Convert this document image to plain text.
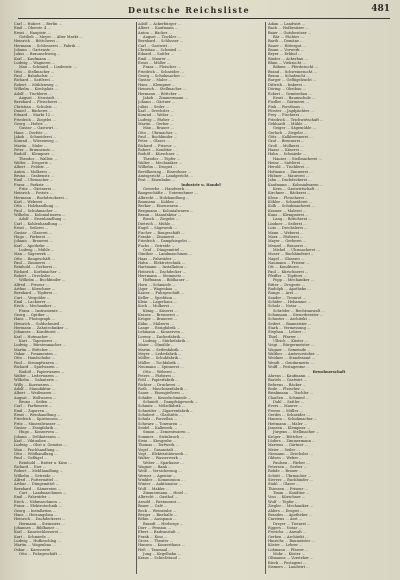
Deutsche Reichsliste	481
Carl ... Hubert ... Berlin ...
Emil ... Oberstr. 4 ...
Ernst ... Hauptstr. ...
Gottlieb ... Meyer ... Alter Markt ...
Heinrich ... Böttcherei ...
Hermann ... Schlosserei ... Fabrik ...
Johann ... Gartenstr. ...
Julius ... Braunschweig ...
Karl ... Kaufmann ...
Ludwig ... Wagnerei ...
Max ... Schmied ... Lindenstr. ...
Otto ... Stellmacher ...
Paul ... Bahnhofstr. ...
Richard ... Sattlerei ...
Robert ... Mühlenweg ...
Wilhelm ... Kirchplatz ...
Adolf ... Tischlerei ...
August ... Neustadt ...
Bernhard ... Fleischerei ...
Christian ... Schulstr. ...
Daniel ... Bäckerei ...
Eduard ... Markt 12 ...
Friedrich ... Ziegelei ...
Georg ... Hofstr. ...
Gustav ... Gastwirt ...
Hans ... Dorfstr. ...
Jakob ... Schneiderei ...
Konrad ... Wiesenweg ...
Martin ... Maler ...
Peter ... Brunnenstr. ...
Rudolf ... Klempner ...
Theodor ... Wallstr. ...
Walter ... Drogerie ...
Albert ... Feldstr. ...
Anton ... Molkerei ...
Bruno ... Grabenstr. ...
Emil ... Uhrmacher ...
Franz ... Parkstr. ...
Fritz ... Gärtnerei ...
Heinrich ... Poststr. ...
Hermann ... Buchdruckerei ...
Karl ... Weberei ...
Otto ... Holzhandlung ...
Paul ... Schuhmacher ...
Wilhelm ... Kolonialwaren ...
Adolf ... Eisenhandlung ...
Carl ... Kohlenhandlung ...
Ernst ... Seilerei ...
Gustav ... Glaserei ...
Hugo ... Färberei ...
Johann ... Brauerei ...
Karl ... Apotheke ...
Ludwig ... Mühle ...
Max ... Sägewerk ...
Otto ... Baugeschäft ...
Paul ... Zimmerei ...
Reinhold ... Gerberei ...
Richard ... Korbmacher ...
Robert ... Drechsler ...
Wilhelm ... Buchbinder ...
Alfred ... Friseur ...
Arthur ... Kürschner ...
Bernhard ... Töpferei ...
Curt ... Vergolder ...
Emil ... Lackierer ...
Erich ... Mechaniker ...
Franz ... Instrumente ...
Georg ... Optiker ...
Hans ... Photograph ...
Heinrich ... Goldschmied ...
Hermann ... Zahntechniker ...
Johannes ... Konditorei ...
Karl ... Hutmacher ...
Kurt ... Tapezierer ...
Ludwig ... Bürstenmacher ...
Martin ... Böttcher ...
Oskar ... Posamenten ...
Otto ... Handschuhe ...
Paul ... Strumpfwaren ...
Richard ... Spielwaren ...
Rudolf ... Papierwaren ...
Walter ... Lederwaren ...
Wilhelm ... Galanterie ...
Willy ... Kurzwaren ...
Adolf ... Manufaktur ...
Albert ... Weißwaren ...
August ... Wollwaren ...
Bruno ... Seifen ...
Carl ... Parfümerie ...
Emil ... Zigarren ...
Ernst ... Weinhandlung ...
Friedrich ... Spirituosen ...
Fritz ... Mineralwasser ...
Gustav ... Essigfabrik ...
Hugo ... Konserven ...
Johann ... Delikatessen ...
Karl ... Viktualien ...
Ludwig ... Obst u. Gemüse ...
Max ... Fischhandlung ...
Otto ... Wildhandlung ...
Paul ... Geflügel ...
Reinhold ... Butter u. Käse ...
Richard ... Eier ...
Robert ... Mehlhandlung ...
Wilhelm ... Getreide ...
Alfred ... Futtermittel ...
Arthur ... Düngemittel ...
Bernhard ... Sämereien ...
Curt ... Landmaschinen ...
Emil ... Fahrräder ...
Erich ... Nähmaschinen ...
Franz ... Elektrotechnik ...
Georg ... Installation ...
Hans ... Heizungsbau ...
Heinrich ... Dachdeckerei ...
Hermann ... Steinmetz ...
Johannes ... Bildhauer ...
Karl ... Kunstschlosserei ...
Kurt ... Schmiede ...
Ludwig ... Hufbeschlag ...
Martin ... Wagenbau ...
Oskar ... Karosserie ...
Otto ... Fuhrgeschäft ...
Adolf ... Ackerbürger ...
Albert ... Kaufmann ...
Anton ... Bäcker ...
August ... Tischler ...
Bernhard ... Schlosser ...
Carl ... Gastwirt ...
Christian ... Schmied ...
Eduard ... Sattler ...
Emil ... Maurer ...
Ernst ... Müller ...
Franz ... Fleischer ...
Friedrich ... Schneider ...
Georg ... Schuhmacher ...
Gustav ... Maler ...
Hans ... Klempner ...
Heinrich ... Stellmacher ...
Hermann ... Böttcher ...
Jakob ... Zimmermann ...
Johann ... Gärtner ...
Julius ... Seiler ...
Karl ... Drechsler ...
Konrad ... Weber ...
Ludwig ... Färber ...
Martin ... Gerber ...
Max ... Brauer ...
Otto ... Uhrmacher ...
Paul ... Buchbinder ...
Peter ... Glaser ...
Richard ... Friseur ...
Robert ... Konditor ...
Rudolf ... Kürschner ...
Theodor ... Töpfer ...
Walter ... Mechaniker ...
Wilhelm ... Drogist ...
Bevölkerung ... Einwohner ...
Amtsgericht ... Landgericht ...
Post ... Eisenbahn ...
Industrie u. Handel
Gewerbe ... Handwerk ...
Baugeschäfte ... Unternehmer ...
Albrecht ... Holzhandlung ...
Baumann ... Kohlen ...
Becker ... Eisenwaren ...
Bergmann ... Kolonialwaren ...
Braun ... Manufaktur ...
Busch ... Ziegelei ...
Dietrich ... Mühle ...
Engel ... Sägewerk ...
Fischer ... Baugeschäft ...
Franke ... Zimmerei ...
Friedrich ... Dampfziegelei ...
Fuchs ... Getreide ...
Graf ... Düngemittel ...
Günther ... Landmaschinen ...
Haas ... Fahrräder ...
Hahn ... Elektrotechnik ...
Hartmann ... Installation ...
Heinrich ... Dachdecker ...
Herrmann ... Steinmetz ...
Hoffmann ... Bildhauer ...
Horn ... Schmiede ...
Jäger ... Wagenbau ...
Kaiser ... Fuhrgeschäft ...
Keller ... Spedition ...
Klein ... Lagerhaus ...
Koch ... Molkerei ...
König ... Käserei ...
Krause ... Brennerei ...
Krüger ... Brauerei ...
Kühn ... Mälzerei ...
Lange ... Essigfabrik ...
Lehmann ... Konserven ...
Lorenz ... Zuckerfabrik ...
Ludwig ... Stärkefabrik ...
Maier ... Ölmühle ...
Martin ... Seifenfabrik ...
Meyer ... Lederfabrik ...
Möller ... Schuhfabrik ...
Müller ... Tuchfabrik ...
Neumann ... Spinnerei ...
Otto ... Weberei ...
Peters ... Färberei ...
Pohl ... Papierfabrik ...
Richter ... Druckerei ...
Roth ... Maschinenfabrik ...
Sauer ... Eisengießerei ...
Schäfer ... Kesselschmiede ...
Schmidt ... Dampfsägewerk ...
Schmitz ... Möbelfabrik ...
Schneider ... Zigarrenfabrik ...
Schubert ... Glashütte ...
Schulz ... Porzellan ...
Schwarz ... Tonwaren ...
Seidel ... Kalkwerk ...
Simon ... Zementwaren ...
Sommer ... Steinbruch ...
Stein ... Kiesgrube ...
Thomas ... Torfwerk ...
Vogel ... Gasanstalt ...
Vogt ... Elektrizitätswerk ...
Walter ... Wasserwerk ...
Weber ... Sparkasse ...
Wagner ... Bank ...
Weiß ... Versicherung ...
Werner ... Agentur ...
Winkler ... Kommission ...
Winter ... Auktionator ...
Wolf ... Makler ...
Zimmermann ... Hotel ...
Albrecht ... Gasthof ...
Arnold ... Restaurant ...
Bauer ... Café ...
Beck ... Weinstube ...
Berger ... Bierhalle ...
Böhm ... Ausspann ...
Brandt ... Herberge ...
Dörr ... Pension ...
Ebert ... Badeanstalt ...
Frank ... Kino ...
Gross ... Theater ...
Hansen ... Konzerthaus ...
Heß ... Tanzsaal ...
Jung ... Kegelbahn ...
Kraus ... Schießstand ...
Adam ... Landwirt ...
Bach ... Hofbesitzer ...
Baier ... Gutsbesitzer ...
Bär ... Pächter ...
Barth ... Domäne ...
Bauer ... Rittergut ...
Baum ... Vorwerk ...
Beyer ... Erbhof ...
Binder ... Ackerbau ...
Blum ... Viehzucht ...
Böhme ... Pferdezucht ...
Brand ... Schweinezucht ...
Braun ... Schafzucht ...
Burger ... Geflügelzucht ...
Dittrich ... Imkerei ...
Döring ... Obstbau ...
Eckert ... Gemüsebau ...
Ernst ... Baumschule ...
Fiedler ... Gärtnerei ...
Fink ... Forsthaus ...
Förster ... Jagdpächter ...
Frey ... Fischerei ...
Friedrich ... Teichwirtschaft ...
Gebhardt ... Mühle ...
Geiger ... Sägemühle ...
Gerlach ... Ziegelei ...
Götz ... Kalkbrennerei ...
Graf ... Brennerei ...
Groß ... Molkerei ...
Haase ... Käserei ...
Hahn ... Schmiede ...
Hauser ... Stellmacherei ...
Heinz ... Sattlerei ...
Herold ... Tischlerei ...
Hofmann ... Zimmerei ...
Hübner ... Maurerei ...
Jahn ... Dachdeckerei ...
Kaufmann ... Kolonialwaren ...
Kern ... Gastwirtschaft ...
Kirchner ... Bäckerei ...
Klose ... Fleischerei ...
Köhler ... Schneiderei ...
Kolb ... Schuhmacherei ...
Kramer ... Malerei ...
Kunz ... Klempnerei ...
Lang ... Böttcherei ...
Lindner ... Seilerei ...
Lutz ... Drechslerei ...
Mann ... Weberei ...
Marx ... Färberei ...
Mayer ... Gerberei ...
Menzel ... Brauerei ...
Michel ... Uhrmacherei ...
Moser ... Buchbinderei ...
Nagel ... Glaserei ...
Naumann ... Friseur ...
Ott ... Konditorei ...
Paul ... Kürschnerei ...
Pfeiffer ... Töpferei ...
Popp ... Mechaniker ...
Ritter ... Drogerie ...
Rudolph ... Apotheke ...
Runge ... Arzt ...
Sander ... Tierarzt ...
Schäfer ... Hebamme ...
Scholz ... Notar ...
Schröder ... Rechtsanwalt ...
Schumann ... Steuerberater ...
Schuster ... Architekt ...
Seifert ... Baumeister ...
Stark ... Vermessung ...
Stephan ... Lehrer ...
Thiel ... Pfarrer ...
Ullrich ... Küster ...
Voigt ... Bürgermeister ...
Wagner ... Gemeinde ...
Walther ... Amtsvorsteher ...
Weidner ... Standesamt ...
Wendt ... Gendarmerie ...
Wolff ... Postagentur ...
Bewohnerschaft
Ahrens ... Kaufmann ...
Bartels ... Gastwirt ...
Behrens ... Bäcker ...
Bode ... Fleischer ...
Brinkmann ... Tischler ...
Claußen ... Schmied ...
Dahl ... Sattler ...
Evers ... Maurer ...
Freese ... Müller ...
Gerdes ... Schneider ...
Hansen ... Schuhmacher ...
Heitmann ... Maler ...
Janssen ... Klempner ...
Jürgens ... Stellmacher ...
Kröger ... Böttcher ...
Lüders ... Zimmermann ...
Martens ... Gärtner ...
Meier ... Seiler ...
Niemann ... Drechsler ...
Ohlsen ... Weber ...
Paulsen ... Färber ...
Petersen ... Gerber ...
Rohde ... Brauer ...
Schütt ... Uhrmacher ...
Sievers ... Buchbinder ...
Stahl ... Glaser ...
Thiessen ... Friseur ...
Timm ... Konditor ...
Voss ... Kürschner ...
Wulf ... Töpfer ...
Ziegler ... Mechaniker ...
Ahlers ... Drogist ...
Brandes ... Apotheker ...
Carstens ... Arzt ...
Dreyer ... Tierarzt ...
Eggers ... Notar ...
Frerichs ... Anwalt ...
Gerken ... Architekt ...
Hinrichs ... Baumeister ...
Köster ... Lehrer ...
Lohmann ... Pfarrer ...
Mohr ... Küster ...
Oltmanns ... Vorsteher ...
Rieck ... Postagent ...
Siemers ... Landwirt ...
